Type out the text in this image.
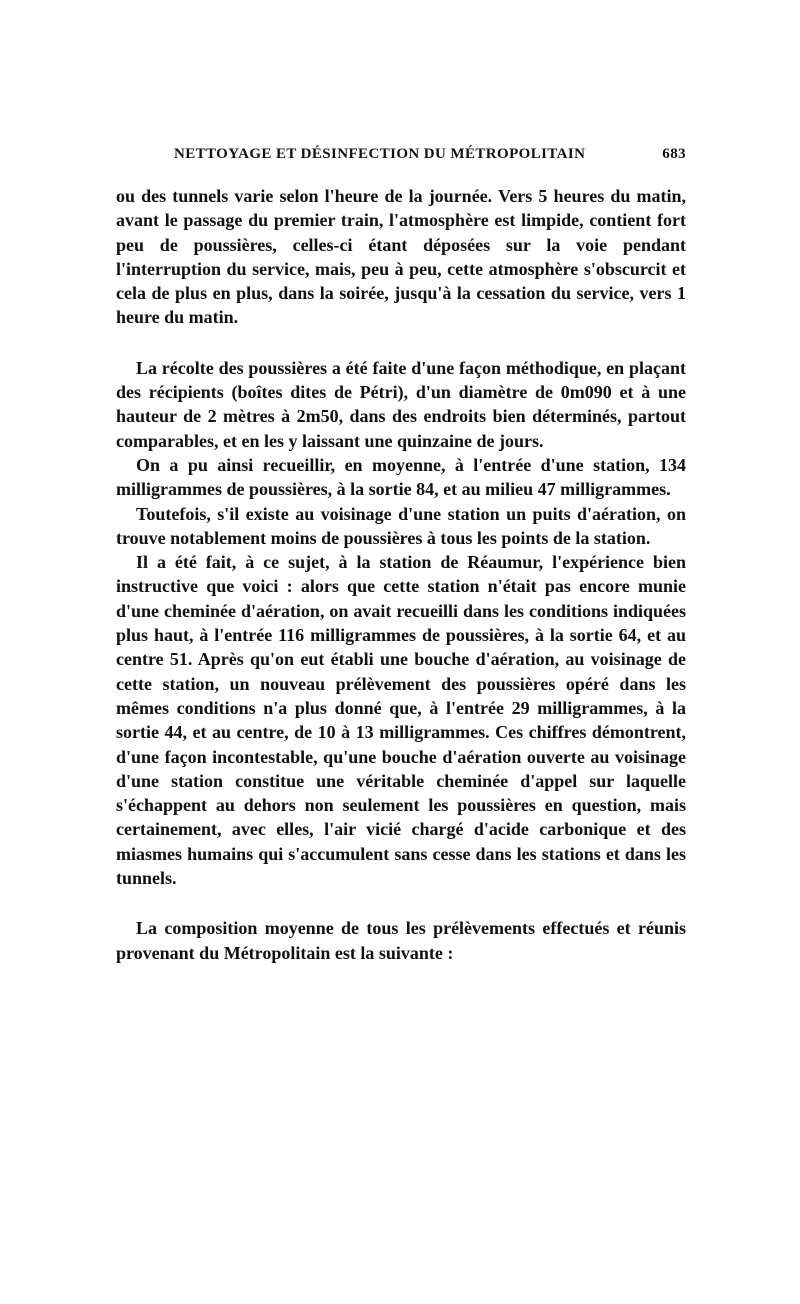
NETTOYAGE ET DÉSINFECTION DU MÉTROPOLITAIN	683

ou des tunnels varie selon l'heure de la journée. Vers 5 heures du matin, avant le passage du premier train, l'atmosphère est limpide, contient fort peu de poussières, celles-ci étant déposées sur la voie pendant l'interruption du service, mais, peu à peu, cette atmosphère s'obscurcit et cela de plus en plus, dans la soirée, jusqu'à la cessation du service, vers 1 heure du matin.

La récolte des poussières a été faite d'une façon méthodique, en plaçant des récipients (boîtes dites de Pétri), d'un diamètre de 0m090 et à une hauteur de 2 mètres à 2m50, dans des endroits bien déterminés, partout comparables, et en les y laissant une quinzaine de jours.

On a pu ainsi recueillir, en moyenne, à l'entrée d'une station, 134 milligrammes de poussières, à la sortie 84, et au milieu 47 milligrammes.

Toutefois, s'il existe au voisinage d'une station un puits d'aération, on trouve notablement moins de poussières à tous les points de la station.

Il a été fait, à ce sujet, à la station de Réaumur, l'expérience bien instructive que voici : alors que cette station n'était pas encore munie d'une cheminée d'aération, on avait recueilli dans les conditions indiquées plus haut, à l'entrée 116 milligrammes de poussières, à la sortie 64, et au centre 51. Après qu'on eut établi une bouche d'aération, au voisinage de cette station, un nouveau prélèvement des poussières opéré dans les mêmes conditions n'a plus donné que, à l'entrée 29 milligrammes, à la sortie 44, et au centre, de 10 à 13 milligrammes. Ces chiffres démontrent, d'une façon incontestable, qu'une bouche d'aération ouverte au voisinage d'une station constitue une véritable cheminée d'appel sur laquelle s'échappent au dehors non seulement les poussières en question, mais certainement, avec elles, l'air vicié chargé d'acide carbonique et des miasmes humains qui s'accumulent sans cesse dans les stations et dans les tunnels.

La composition moyenne de tous les prélèvements effectués et réunis provenant du Métropolitain est la suivante :
